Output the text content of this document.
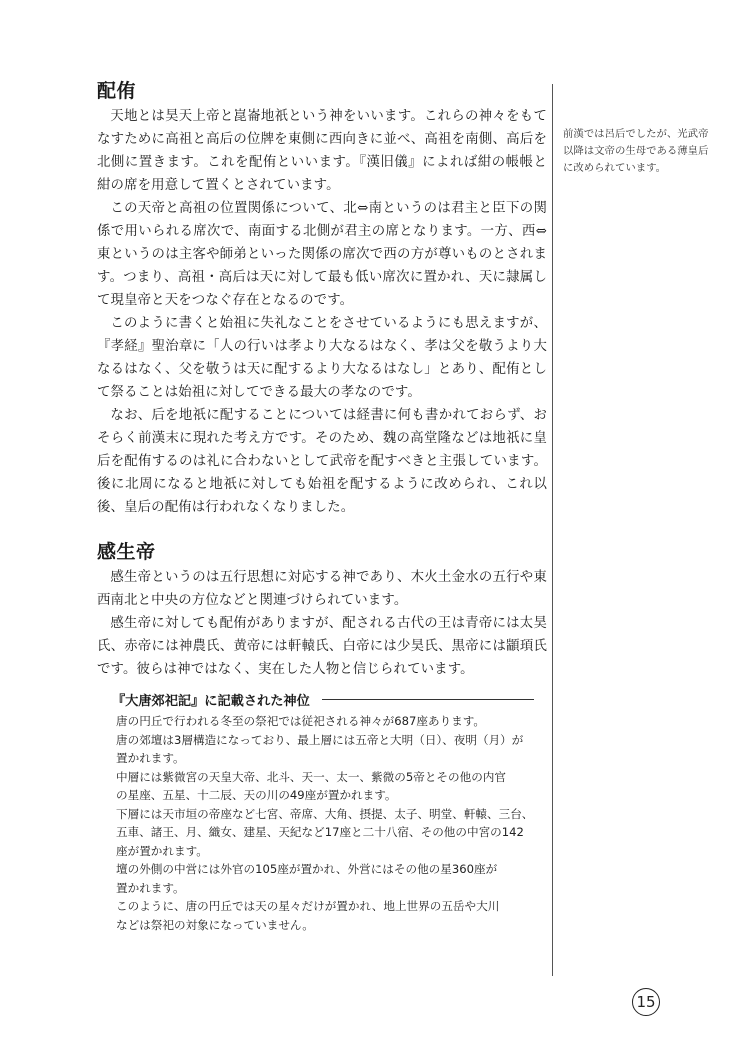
配侑

天地とは昊天上帝と崑崙地祇という神をいいます。これらの神々をもてなすために高祖と高后の位牌を東側に西向きに並べ、高祖を南側、高后を北側に置きます。これを配侑といいます。『漢旧儀』によれば紺の帳帳と紺の席を用意して置くとされています。

この天帝と高祖の位置関係について、北⇔南というのは君主と臣下の関係で用いられる席次で、南面する北側が君主の席となります。一方、西⇔東というのは主客や師弟といった関係の席次で西の方が尊いものとされます。つまり、高祖・高后は天に対して最も低い席次に置かれ、天に隷属して現皇帝と天をつなぐ存在となるのです。

このように書くと始祖に失礼なことをさせているようにも思えますが、『孝経』聖治章に「人の行いは孝より大なるはなく、孝は父を敬うより大なるはなく、父を敬うは天に配するより大なるはなし」とあり、配侑として祭ることは始祖に対してできる最大の孝なのです。

なお、后を地祇に配することについては経書に何も書かれておらず、おそらく前漢末に現れた考え方です。そのため、魏の高堂隆などは地祇に皇后を配侑するのは礼に合わないとして武帝を配すべきと主張しています。後に北周になると地祇に対しても始祖を配するように改められ、これ以後、皇后の配侑は行われなくなりました。

感生帝

感生帝というのは五行思想に対応する神であり、木火土金水の五行や東西南北と中央の方位などと関連づけられています。

感生帝に対しても配侑がありますが、配される古代の王は青帝には太昊氏、赤帝には神農氏、黄帝には軒轅氏、白帝には少昊氏、黒帝には顓頊氏です。彼らは神ではなく、実在した人物と信じられています。

前漢では呂后でしたが、光武帝以降は文帝の生母である薄皇后に改められています。
『大唐郊祀記』に記載された神位

唐の円丘で行われる冬至の祭祀では従祀される神々が687座あります。

唐の郊壇は3層構造になっており、最上層には五帝と大明（日）、夜明（月）が

置かれます。

中層には紫微宮の天皇大帝、北斗、天一、太一、紫微の5帝とその他の内官

の星座、五星、十二辰、天の川の49座が置かれます。

下層には天市垣の帝座など七宮、帝席、大角、摂提、太子、明堂、軒轅、三台、

五車、諸王、月、織女、建星、天紀など17座と二十八宿、その他の中宮の142

座が置かれます。

壇の外側の中営には外官の105座が置かれ、外営にはその他の星360座が

置かれます。

このように、唐の円丘では天の星々だけが置かれ、地上世界の五岳や大川

などは祭祀の対象になっていません。

15
